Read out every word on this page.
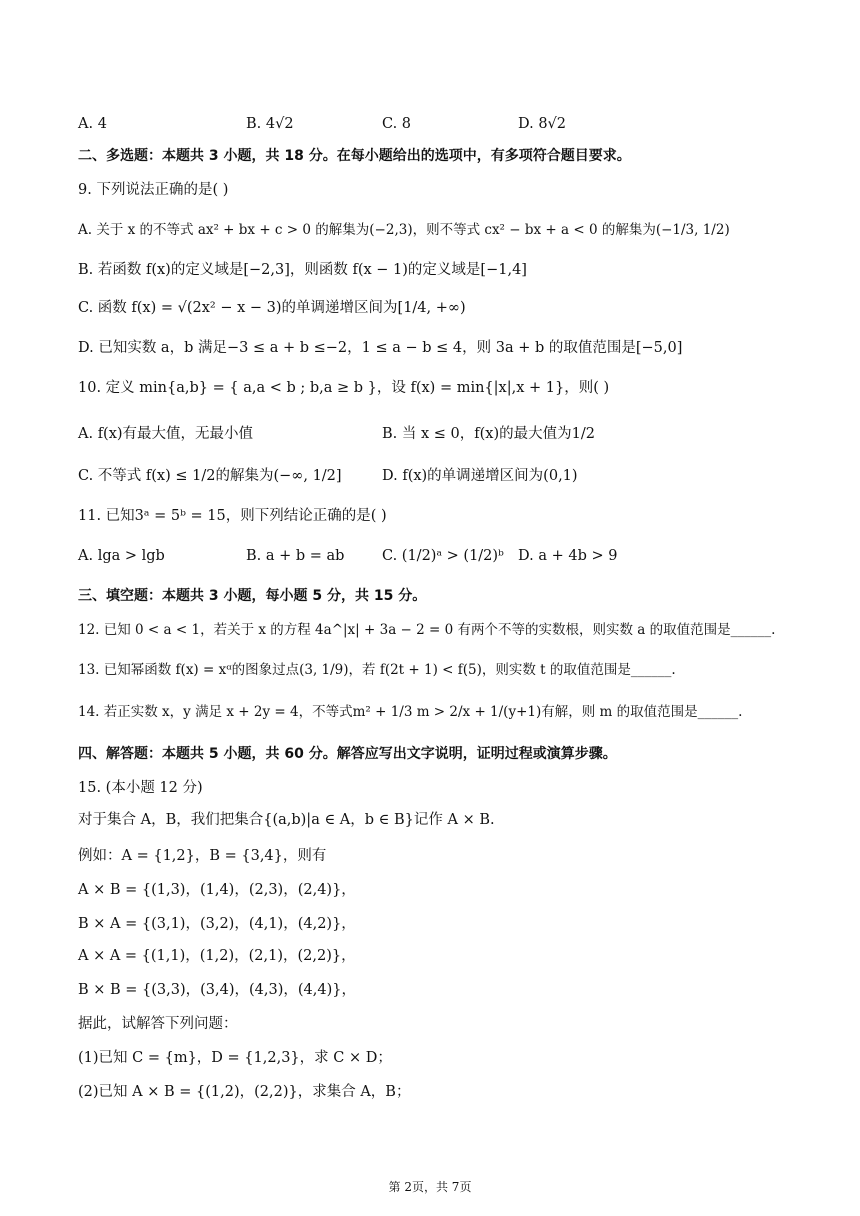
A. 4	B. 4√2	C. 8	D. 8√2
二、多选题：本题共 3 小题，共 18 分。在每小题给出的选项中，有多项符合题目要求。
9. 下列说法正确的是( )
A. 关于 x 的不等式 ax² + bx + c > 0 的解集为(−2,3)，则不等式 cx² − bx + a < 0 的解集为(−1/3, 1/2)
B. 若函数 f(x)的定义域是[−2,3]，则函数 f(x − 1)的定义域是[−1,4]
C. 函数 f(x) = √(2x² − x − 3)的单调递增区间为[1/4, +∞)
D. 已知实数 a，b 满足−3 ≤ a + b ≤−2，1 ≤ a − b ≤ 4，则 3a + b 的取值范围是[−5,0]
10. 定义 min{a,b} = { a,a < b ; b,a ≥ b }，设 f(x) = min{|x|,x + 1}，则( )
A. f(x)有最大值，无最小值	B. 当 x ≤ 0，f(x)的最大值为1/2
C. 不等式 f(x) ≤ 1/2的解集为(−∞, 1/2]	D. f(x)的单调递增区间为(0,1)
11. 已知3ᵃ = 5ᵇ = 15，则下列结论正确的是( )
A. lga > lgb	B. a + b = ab	C. (1/2)ᵃ > (1/2)ᵇ D. a + 4b > 9
三、填空题：本题共 3 小题，每小题 5 分，共 15 分。
12. 已知 0 < a < 1，若关于 x 的方程 4a^|x| + 3a − 2 = 0 有两个不等的实数根，则实数 a 的取值范围是______.
13. 已知幂函数 f(x) = xᵅ的图象过点(3, 1/9)，若 f(2t + 1) < f(5)，则实数 t 的取值范围是______.
14. 若正实数 x，y 满足 x + 2y = 4，不等式m² + 1/3 m > 2/x + 1/(y+1)有解，则 m 的取值范围是______.
四、解答题：本题共 5 小题，共 60 分。解答应写出文字说明，证明过程或演算步骤。
15. (本小题 12 分)
对于集合 A，B，我们把集合{(a,b)|a ∈ A，b ∈ B}记作 A × B.
例如：A = {1,2}，B = {3,4}，则有
A × B = {(1,3)，(1,4)，(2,3)，(2,4)}，
B × A = {(3,1)，(3,2)，(4,1)，(4,2)}，
A × A = {(1,1)，(1,2)，(2,1)，(2,2)}，
B × B = {(3,3)，(3,4)，(4,3)，(4,4)}，
据此，试解答下列问题：
(1)已知 C = {m}，D = {1,2,3}，求 C × D；
(2)已知 A × B = {(1,2)，(2,2)}，求集合 A，B；
第 2页，共 7页
